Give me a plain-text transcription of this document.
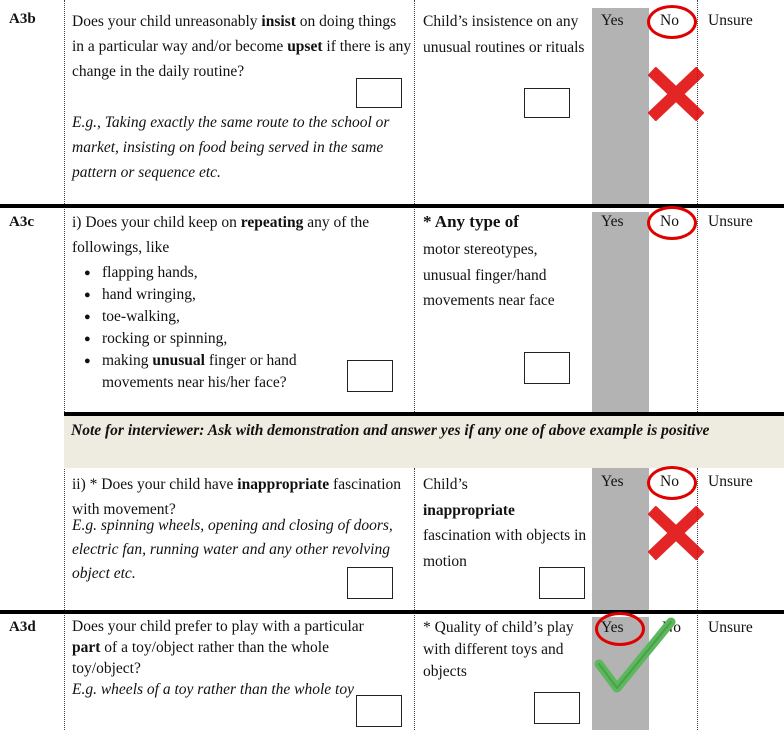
A3b Does your child unreasonably insist on doing things in a particular way and/or become upset if there is any change in the daily routine?
E.g., Taking exactly the same route to the school or market, insisting on food being served in the same pattern or sequence etc.
Child’s insistence on any unusual routines or rituals
Yes No Unsure
A3c i) Does your child keep on repeating any of the followings, like
● flapping hands,
● hand wringing,
● toe-walking,
● rocking or spinning,
● making unusual finger or hand movements near his/her face?
* Any type of
motor stereotypes, unusual finger/hand movements near face
Yes No Unsure
Note for interviewer: Ask with demonstration and answer yes if any one of above example is positive
ii) * Does your child have inappropriate fascination with movement?
E.g. spinning wheels, opening and closing of doors, electric fan, running water and any other revolving object etc.
Child’s
inappropriate
fascination with objects in motion
Yes No Unsure
A3d Does your child prefer to play with a particular part of a toy/object rather than the whole toy/object?
E.g. wheels of a toy rather than the whole toy
* Quality of child’s play with different toys and objects
Yes No Unsure
